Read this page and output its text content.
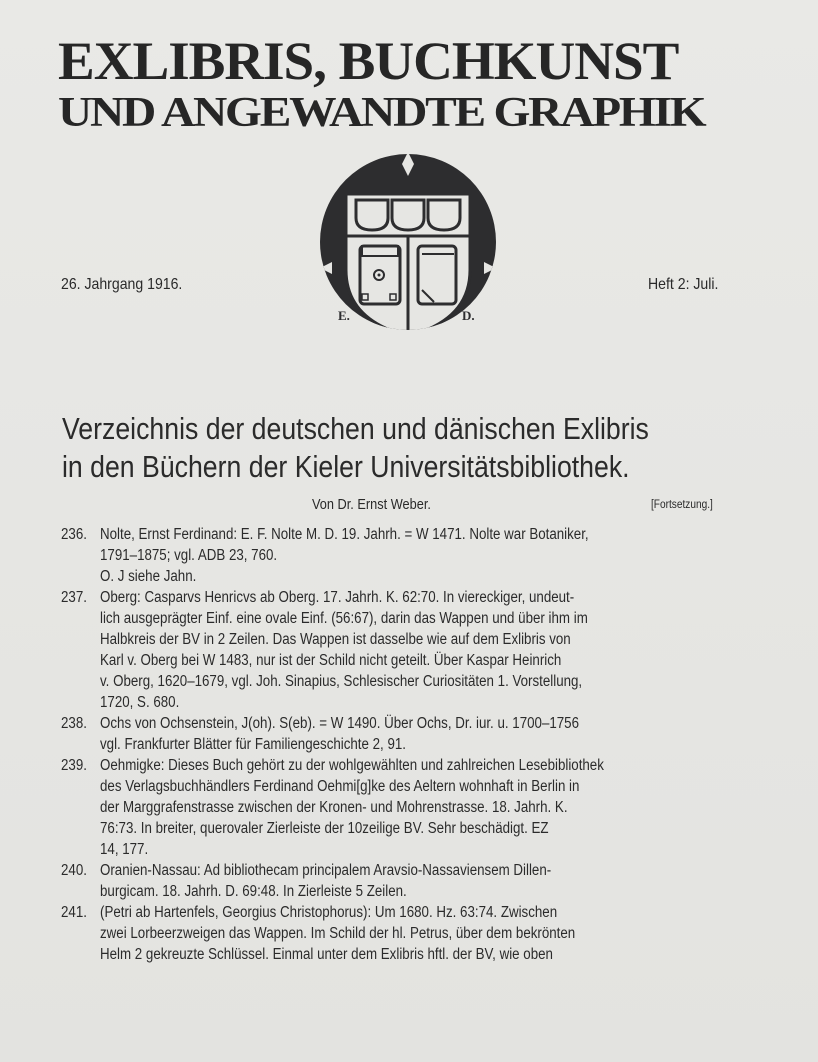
EXLIBRIS, BUCHKUNST
UND ANGEWANDTE GRAPHIK
E.	D.
26. Jahrgang 1916.	Heft 2: Juli.
Verzeichnis der deutschen und dänischen Exlibris
in den Büchern der Kieler Universitätsbibliothek.
Von Dr. Ernst Weber.	[Fortsetzung.]
236. Nolte, Ernst Ferdinand: E. F. Nolte M. D. 19. Jahrh. = W 1471. Nolte war Botaniker,
1791–1875; vgl. ADB 23, 760.
O. J siehe Jahn.
237. Oberg: Casparvs Henricvs ab Oberg. 17. Jahrh. K. 62:70. In viereckiger, undeut-
lich ausgeprägter Einf. eine ovale Einf. (56:67), darin das Wappen und über ihm im
Halbkreis der BV in 2 Zeilen. Das Wappen ist dasselbe wie auf dem Exlibris von
Karl v. Oberg bei W 1483, nur ist der Schild nicht geteilt. Über Kaspar Heinrich
v. Oberg, 1620–1679, vgl. Joh. Sinapius, Schlesischer Curiositäten 1. Vorstellung,
1720, S. 680.
238. Ochs von Ochsenstein, J(oh). S(eb). = W 1490. Über Ochs, Dr. iur. u. 1700–1756
vgl. Frankfurter Blätter für Familiengeschichte 2, 91.
239. Oehmigke: Dieses Buch gehört zu der wohlgewählten und zahlreichen Lesebibliothek
des Verlagsbuchhändlers Ferdinand Oehmi[g]ke des Aeltern wohnhaft in Berlin in
der Marggrafenstrasse zwischen der Kronen- und Mohrenstrasse. 18. Jahrh. K.
76:73. In breiter, querovaler Zierleiste der 10zeilige BV. Sehr beschädigt. EZ
14, 177.
240. Oranien-Nassau: Ad bibliothecam principalem Aravsio-Nassaviensem Dillen-
burgicam. 18. Jahrh. D. 69:48. In Zierleiste 5 Zeilen.
241. (Petri ab Hartenfels, Georgius Christophorus): Um 1680. Hz. 63:74. Zwischen
zwei Lorbeerzweigen das Wappen. Im Schild der hl. Petrus, über dem bekrönten
Helm 2 gekreuzte Schlüssel. Einmal unter dem Exlibris hftl. der BV, wie oben
